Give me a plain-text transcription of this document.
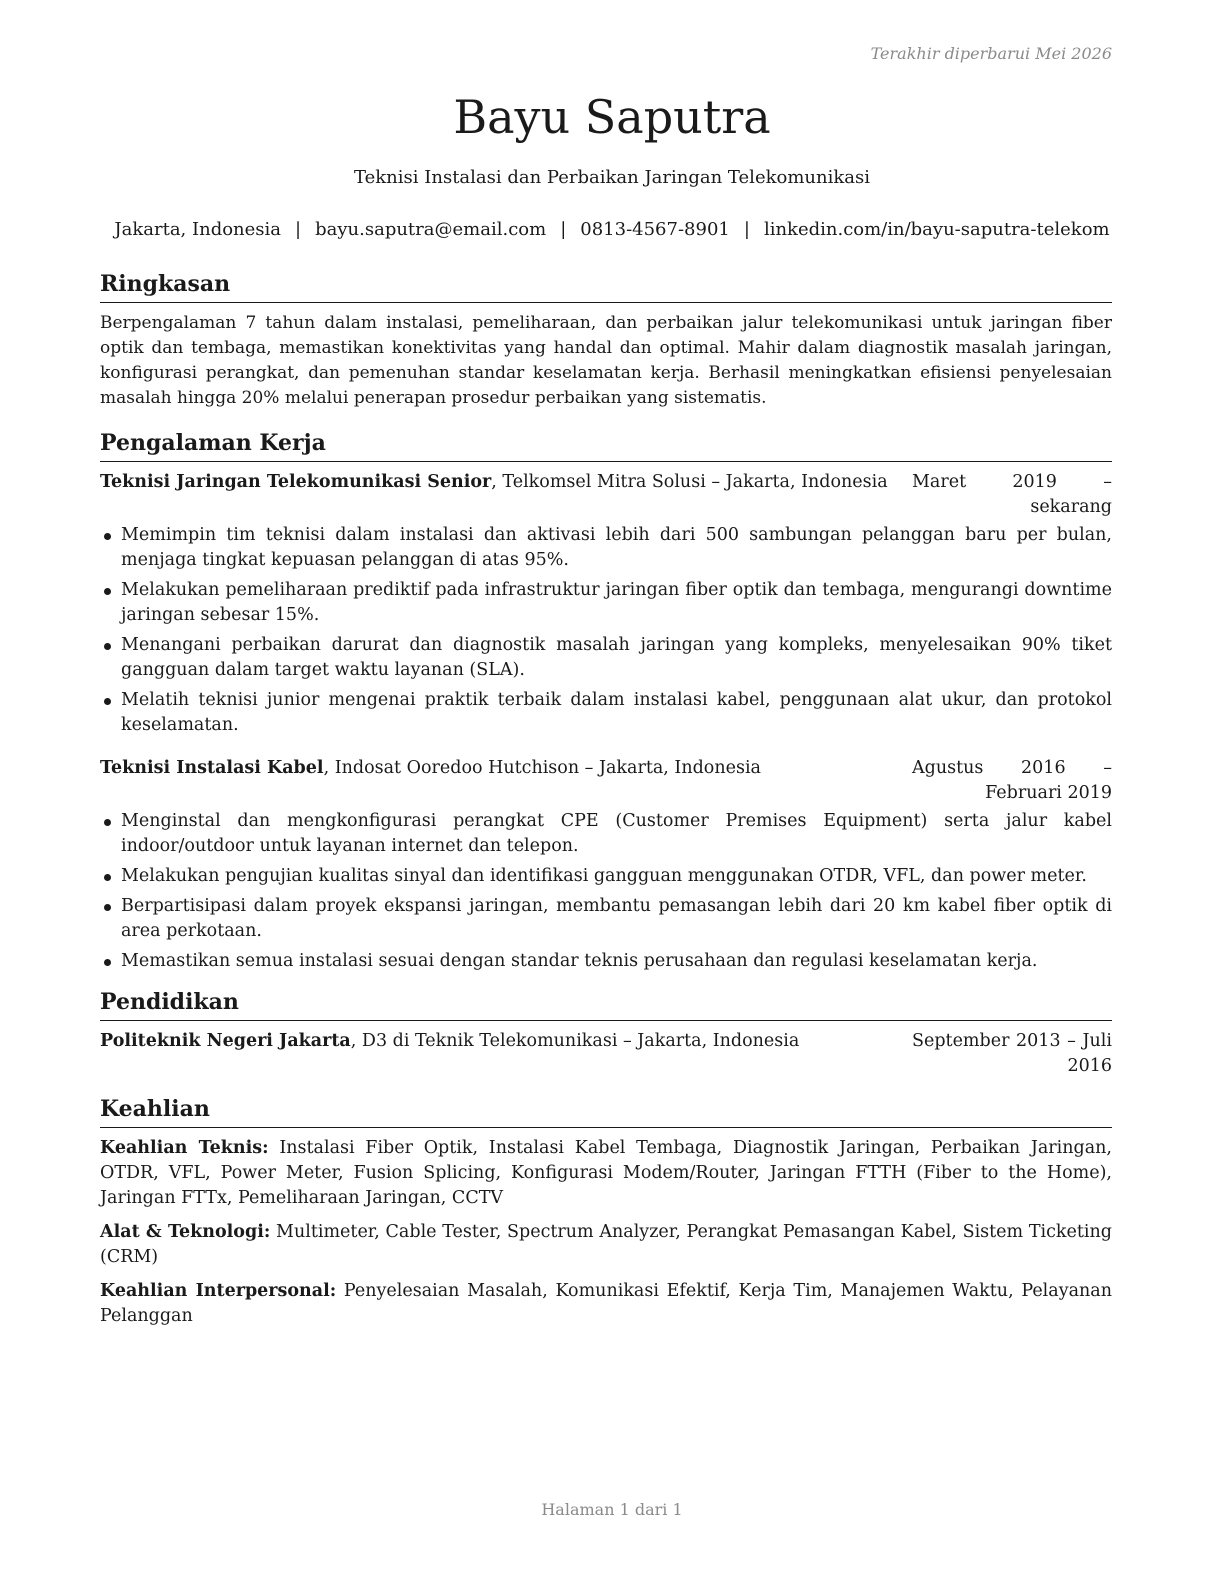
Terakhir diperbarui Mei 2026
Bayu Saputra
Teknisi Instalasi dan Perbaikan Jaringan Telekomunikasi
Jakarta, Indonesia | bayu.saputra@email.com | 0813-4567-8901 | linkedin.com/in/bayu-saputra-telekom
Ringkasan

Berpengalaman 7 tahun dalam instalasi, pemeliharaan, dan perbaikan jalur telekomunikasi untuk jaringan fiber optik dan tembaga, memastikan konektivitas yang handal dan optimal. Mahir dalam diagnostik masalah jaringan, konfigurasi perangkat, dan pemenuhan standar keselamatan kerja. Berhasil meningkatkan efisiensi penyelesaian masalah hingga 20% melalui penerapan prosedur perbaikan yang sistematis.

Pengalaman Kerja
Teknisi Jaringan Telekomunikasi Senior, Telkomsel Mitra Solusi – Jakarta, Indonesia	Maret 2019 – sekarang
Memimpin tim teknisi dalam instalasi dan aktivasi lebih dari 500 sambungan pelanggan baru per bulan, menjaga tingkat kepuasan pelanggan di atas 95%.
Melakukan pemeliharaan prediktif pada infrastruktur jaringan fiber optik dan tembaga, mengurangi downtime jaringan sebesar 15%.
Menangani perbaikan darurat dan diagnostik masalah jaringan yang kompleks, menyelesaikan 90% tiket gangguan dalam target waktu layanan (SLA).
Melatih teknisi junior mengenai praktik terbaik dalam instalasi kabel, penggunaan alat ukur, dan protokol keselamatan.
Teknisi Instalasi Kabel, Indosat Ooredoo Hutchison – Jakarta, Indonesia	Agustus 2016 – Februari 2019
Menginstal dan mengkonfigurasi perangkat CPE (Customer Premises Equipment) serta jalur kabel indoor/outdoor untuk layanan internet dan telepon.
Melakukan pengujian kualitas sinyal dan identifikasi gangguan menggunakan OTDR, VFL, dan power meter.
Berpartisipasi dalam proyek ekspansi jaringan, membantu pemasangan lebih dari 20 km kabel fiber optik di area perkotaan.
Memastikan semua instalasi sesuai dengan standar teknis perusahaan dan regulasi keselamatan kerja.
Pendidikan
Politeknik Negeri Jakarta, D3 di Teknik Telekomunikasi – Jakarta, Indonesia	September 2013 – Juli 2016
Keahlian

Keahlian Teknis: Instalasi Fiber Optik, Instalasi Kabel Tembaga, Diagnostik Jaringan, Perbaikan Jaringan, OTDR, VFL, Power Meter, Fusion Splicing, Konfigurasi Modem/Router, Jaringan FTTH (Fiber to the Home), Jaringan FTTx, Pemeliharaan Jaringan, CCTV

Alat & Teknologi: Multimeter, Cable Tester, Spectrum Analyzer, Perangkat Pemasangan Kabel, Sistem Ticketing (CRM)

Keahlian Interpersonal: Penyelesaian Masalah, Komunikasi Efektif, Kerja Tim, Manajemen Waktu, Pelayanan Pelanggan

Halaman 1 dari 1
